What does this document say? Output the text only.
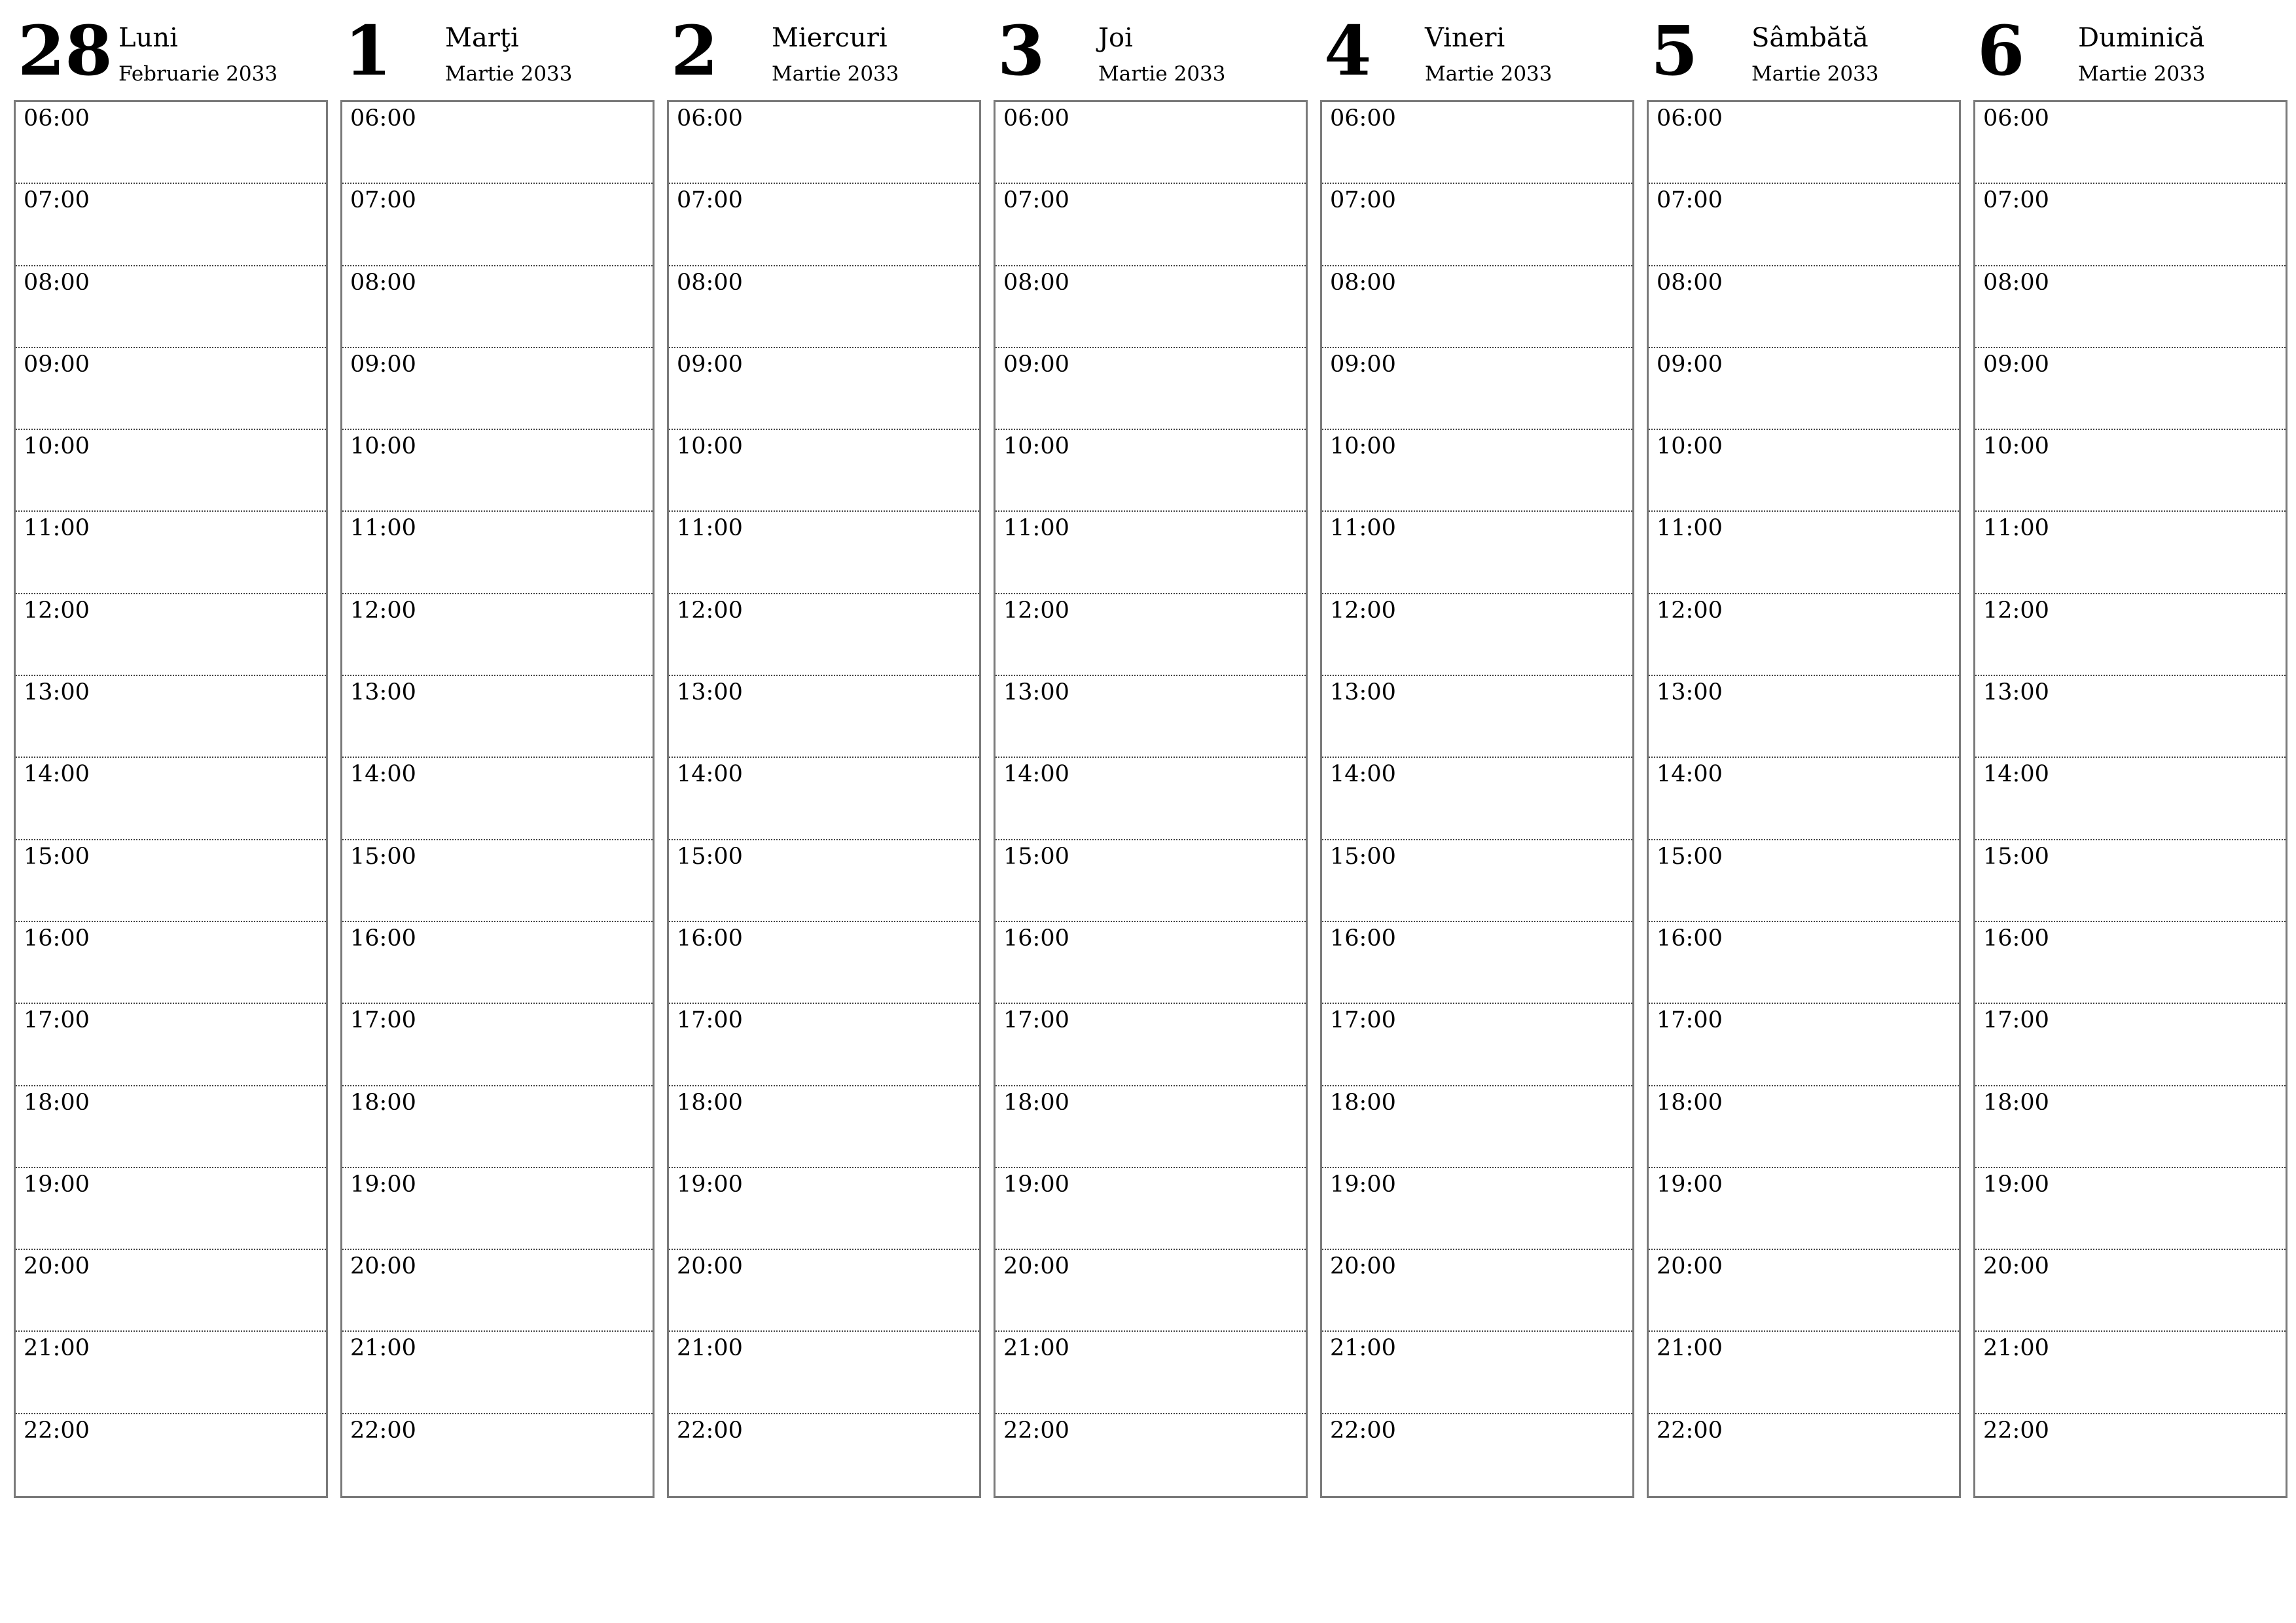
28 Luni
Februarie 2033
06:00
07:00
08:00
09:00
10:00
11:00
12:00
13:00
14:00
15:00
16:00
17:00
18:00
19:00
20:00
21:00
22:00
1 Marţi
Martie 2033
06:00
07:00
08:00
09:00
10:00
11:00
12:00
13:00
14:00
15:00
16:00
17:00
18:00
19:00
20:00
21:00
22:00
2 Miercuri
Martie 2033
06:00
07:00
08:00
09:00
10:00
11:00
12:00
13:00
14:00
15:00
16:00
17:00
18:00
19:00
20:00
21:00
22:00
3 Joi
Martie 2033
06:00
07:00
08:00
09:00
10:00
11:00
12:00
13:00
14:00
15:00
16:00
17:00
18:00
19:00
20:00
21:00
22:00
4 Vineri
Martie 2033
06:00
07:00
08:00
09:00
10:00
11:00
12:00
13:00
14:00
15:00
16:00
17:00
18:00
19:00
20:00
21:00
22:00
5 Sâmbătă
Martie 2033
06:00
07:00
08:00
09:00
10:00
11:00
12:00
13:00
14:00
15:00
16:00
17:00
18:00
19:00
20:00
21:00
22:00
6 Duminică
Martie 2033
06:00
07:00
08:00
09:00
10:00
11:00
12:00
13:00
14:00
15:00
16:00
17:00
18:00
19:00
20:00
21:00
22:00
